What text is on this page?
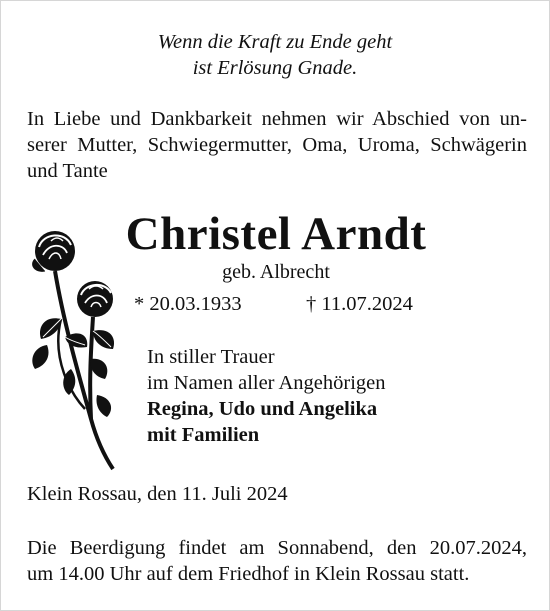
Wenn die Kraft zu Ende geht
ist Erlösung Gnade.
In Liebe und Dankbarkeit nehmen wir Abschied von un-
serer Mutter, Schwiegermutter, Oma, Uroma, Schwägerin
und Tante
Christel Arndt
geb. Albrecht
* 20.03.1933	† 11.07.2024
In stiller Trauer
im Namen aller Angehörigen
Regina, Udo und Angelika
mit Familien
Klein Rossau, den 11. Juli 2024
Die Beerdigung findet am Sonnabend, den 20.07.2024,
um 14.00 Uhr auf dem Friedhof in Klein Rossau statt.
